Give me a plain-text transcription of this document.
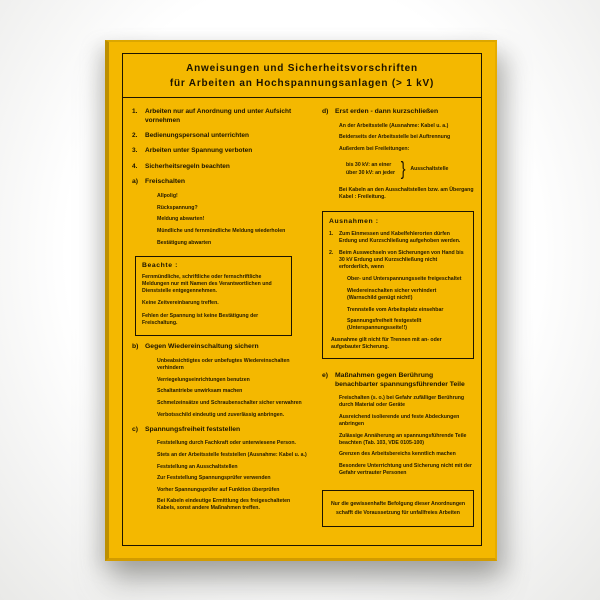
Anweisungen und Sicherheitsvorschriften
für Arbeiten an Hochspannungsanlagen (> 1 kV)
1.	Arbeiten nur auf Anordnung und unter Aufsicht vornehmen
2.	Bedienungspersonal unterrichten
3.	Arbeiten unter Spannung verboten
4.	Sicherheitsregeln beachten
a)	Freischalten
Allpolig!
Rückspannung?
Meldung abwarten!
Mündliche und fernmündliche Meldung wiederholen
Bestätigung abwarten
Beachte :
Fernmündliche, schriftliche oder fernschriftliche Meldungen nur mit Namen des Verantwortlichen und Dienststelle entgegennehmen.
Keine Zeitvereinbarung treffen.
Fehlen der Spannung ist keine Bestätigung der Freischaltung.
b) Gegen Wiedereinschaltung sichern
Unbeabsichtigtes oder unbefugtes Wiedereinschalten verhindern
Verriegelungseinrichtungen benutzen
Schaltantriebe unwirksam machen
Schmelzeinsätze und Schraubenschalter sicher verwahren
Verbotsschild eindeutig und zuverlässig anbringen.
c)	Spannungsfreiheit feststellen
Feststellung durch Fachkraft oder unterwiesene Person.
Stets an der Arbeitsstelle feststellen (Ausnahme: Kabel u. a.)
Feststellung an Ausschaltstellen
Zur Feststellung Spannungsprüfer verwenden
Vorher Spannungsprüfer auf Funktion überprüfen
Bei Kabeln eindeutige Ermittlung des freigeschalteten Kabels, sonst andere Maßnahmen treffen.
d) Erst erden - dann kurzschließen
An der Arbeitsstelle (Ausnahme: Kabel u. a.)
Beiderseits der Arbeitsstelle bei Auftrennung
Außerdem bei Freileitungen:
bis 30 kV: an einer
über 30 kV: an jeder } Ausschaltstelle
Bei Kabeln an den Ausschaltstellen bzw. am Übergang Kabel : Freileitung.
Ausnahmen :
1.	Zum Einmessen und Kabelfehlerorten dürfen Erdung und Kurzschließung aufgehoben werden.
2.	Beim Auswechseln von Sicherungen von Hand bis 30 kV Erdung und Kurzschließung nicht erforderlich, wenn
Ober- und Unterspannungsseite freigeschaltet
Wiedereinschalten sicher verhindert (Warnschild genügt nicht!)
Trennstelle vom Arbeitsplatz einsehbar
Spannungsfreiheit festgestellt (Unterspannungsseite!!)
Ausnahme gilt nicht für Trennen mit an- oder aufgebauter Sicherung.
e)	Maßnahmen gegen Berührung benachbarter spannungsführender Teile
Freischalten (s. o.) bei Gefahr zufälliger Berührung durch Material oder Geräte
Ausreichend isolierende und feste Abdeckungen anbringen
Zulässige Annäherung an spannungsführende Teile beachten (Tab. 103, VDE 0105-100)
Grenzen des Arbeitsbereichs kenntlich machen
Besondere Unterrichtung und Sicherung nicht mit der Gefahr vertrauter Personen
Nur die gewissenhafte Befolgung dieser Anordnungen
schafft die Voraussetzung für unfallfreies Arbeiten
